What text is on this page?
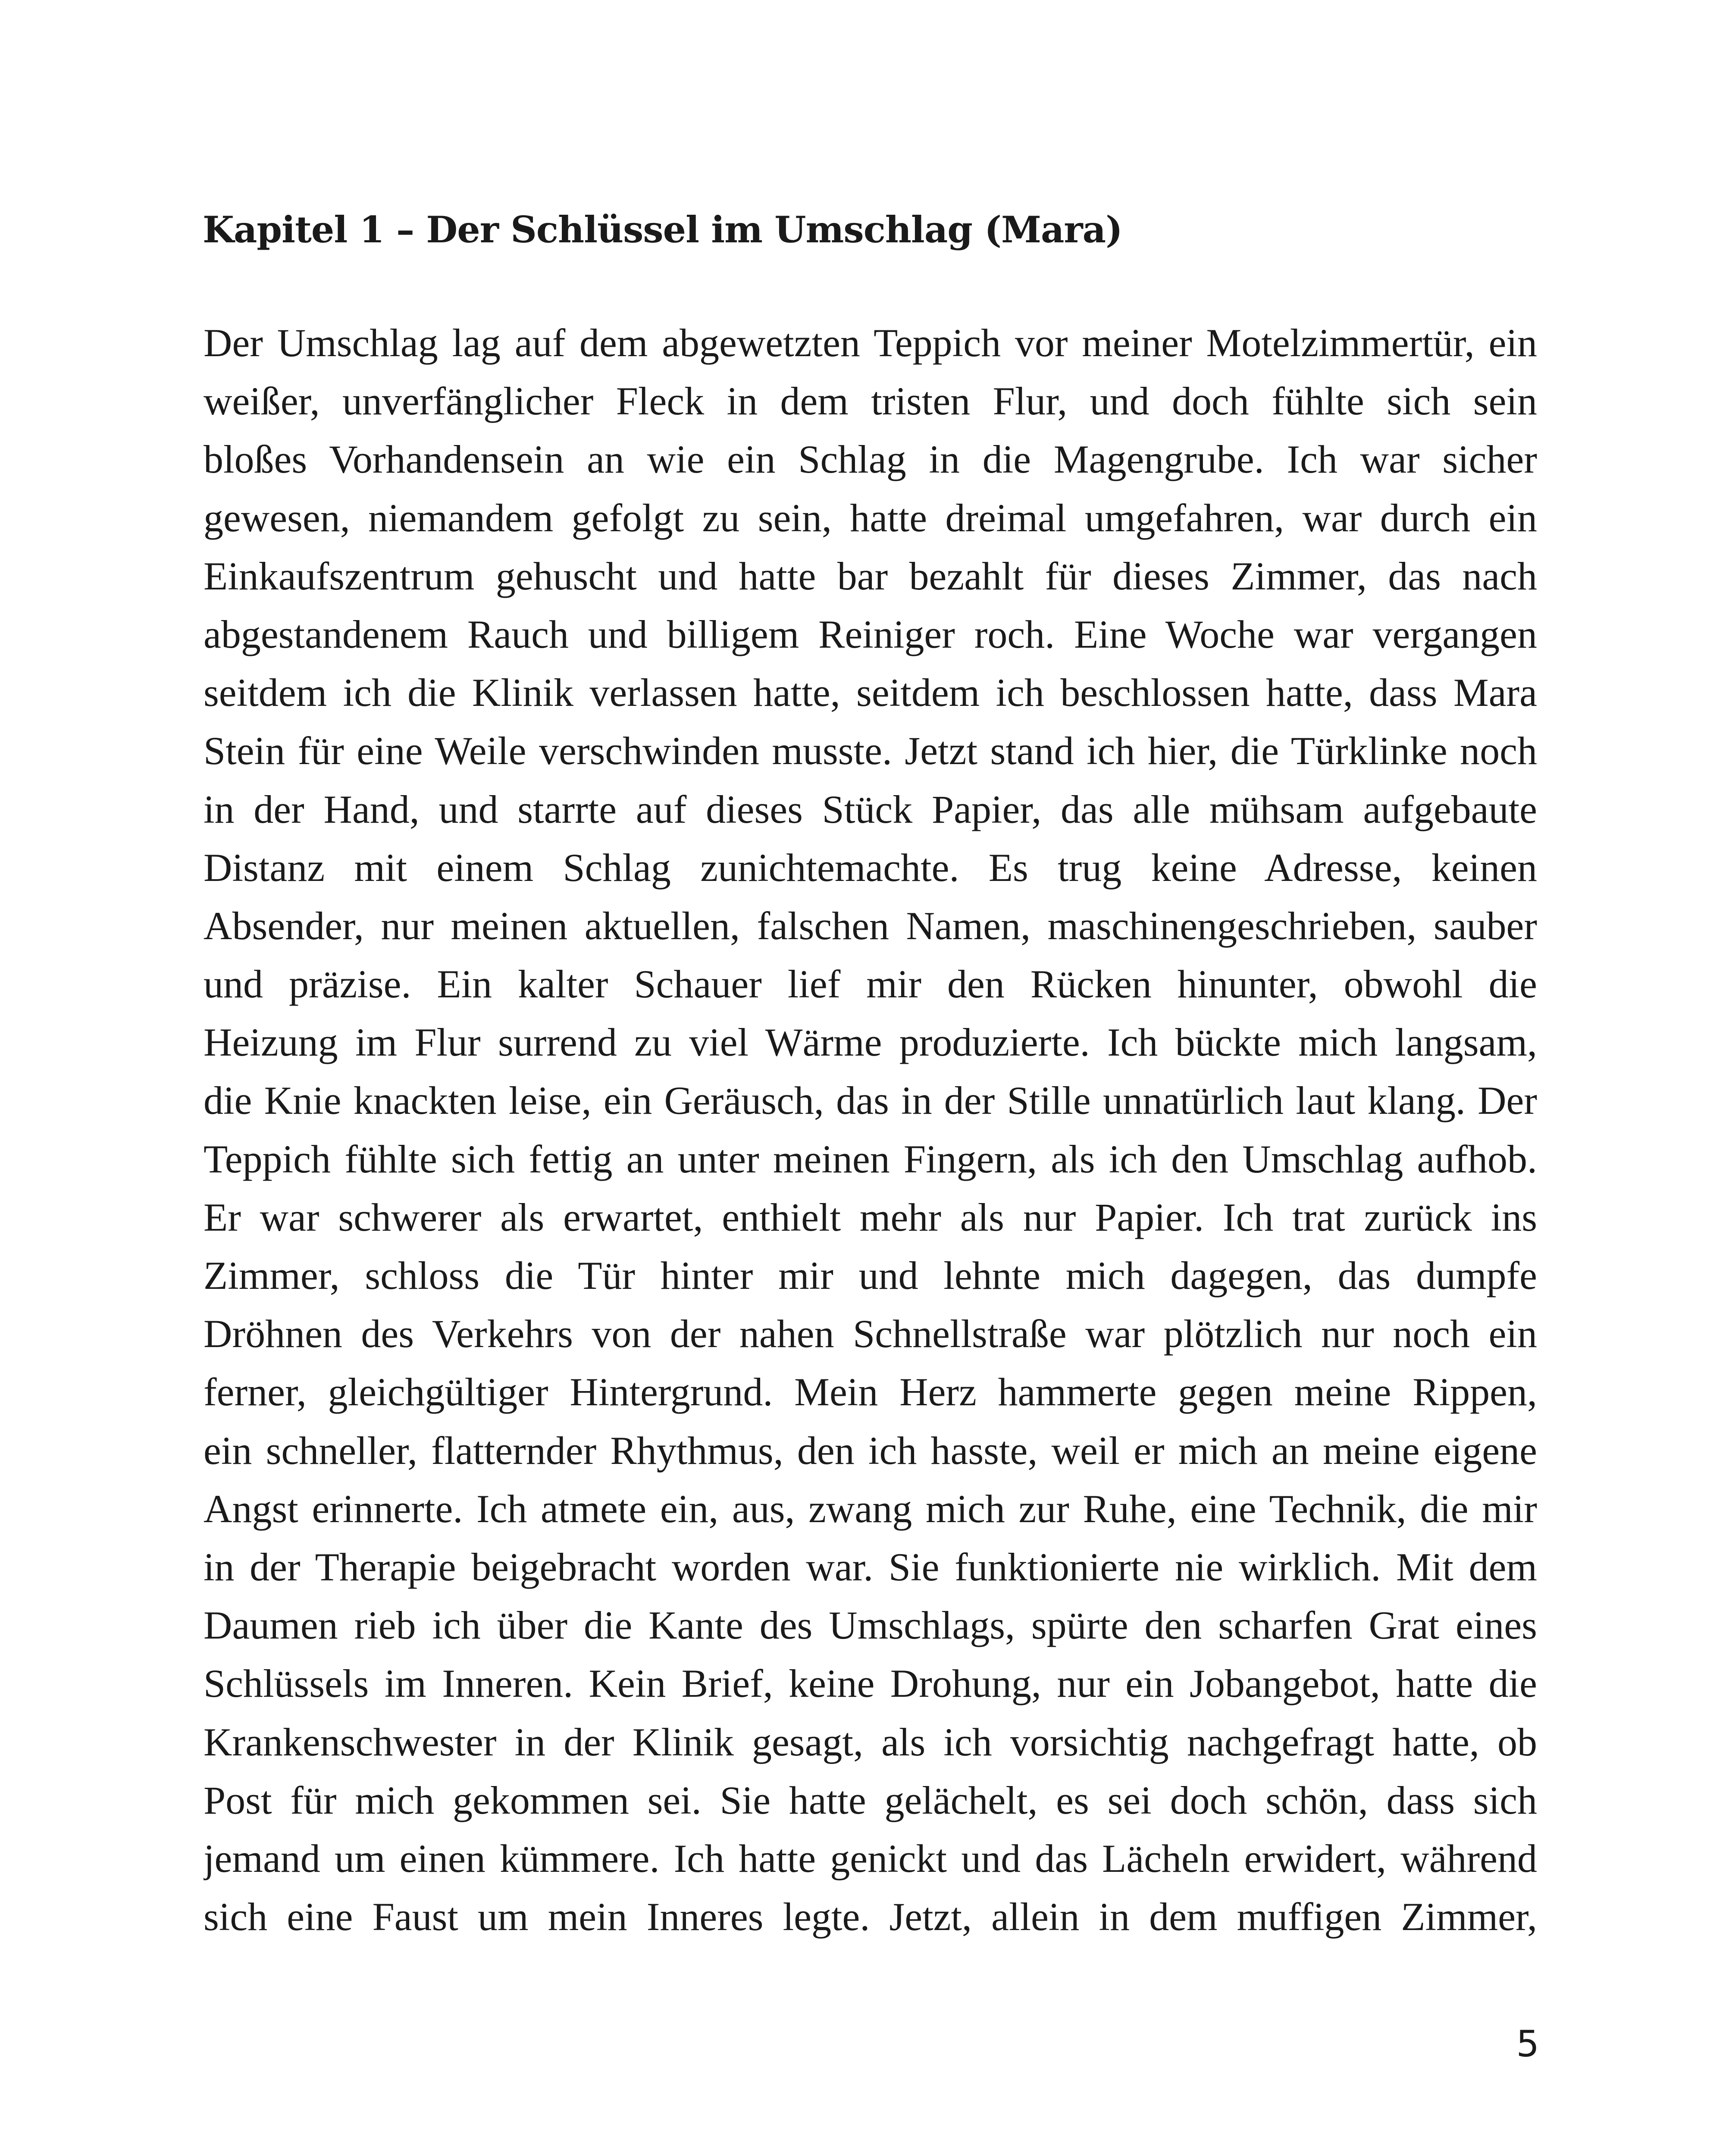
Kapitel 1 – Der Schlüssel im Umschlag (Mara)
Der Umschlag lag auf dem abgewetzten Teppich vor meiner Motelzimmertür, ein
weißer, unverfänglicher Fleck in dem tristen Flur, und doch fühlte sich sein
bloßes Vorhandensein an wie ein Schlag in die Magengrube. Ich war sicher
gewesen, niemandem gefolgt zu sein, hatte dreimal umgefahren, war durch ein
Einkaufszentrum gehuscht und hatte bar bezahlt für dieses Zimmer, das nach
abgestandenem Rauch und billigem Reiniger roch. Eine Woche war vergangen
seitdem ich die Klinik verlassen hatte, seitdem ich beschlossen hatte, dass Mara
Stein für eine Weile verschwinden musste. Jetzt stand ich hier, die Türklinke noch
in der Hand, und starrte auf dieses Stück Papier, das alle mühsam aufgebaute
Distanz mit einem Schlag zunichtemachte. Es trug keine Adresse, keinen
Absender, nur meinen aktuellen, falschen Namen, maschinengeschrieben, sauber
und präzise. Ein kalter Schauer lief mir den Rücken hinunter, obwohl die
Heizung im Flur surrend zu viel Wärme produzierte. Ich bückte mich langsam,
die Knie knackten leise, ein Geräusch, das in der Stille unnatürlich laut klang. Der
Teppich fühlte sich fettig an unter meinen Fingern, als ich den Umschlag aufhob.
Er war schwerer als erwartet, enthielt mehr als nur Papier. Ich trat zurück ins
Zimmer, schloss die Tür hinter mir und lehnte mich dagegen, das dumpfe
Dröhnen des Verkehrs von der nahen Schnellstraße war plötzlich nur noch ein
ferner, gleichgültiger Hintergrund. Mein Herz hammerte gegen meine Rippen,
ein schneller, flatternder Rhythmus, den ich hasste, weil er mich an meine eigene
Angst erinnerte. Ich atmete ein, aus, zwang mich zur Ruhe, eine Technik, die mir
in der Therapie beigebracht worden war. Sie funktionierte nie wirklich. Mit dem
Daumen rieb ich über die Kante des Umschlags, spürte den scharfen Grat eines
Schlüssels im Inneren. Kein Brief, keine Drohung, nur ein Jobangebot, hatte die
Krankenschwester in der Klinik gesagt, als ich vorsichtig nachgefragt hatte, ob
Post für mich gekommen sei. Sie hatte gelächelt, es sei doch schön, dass sich
jemand um einen kümmere. Ich hatte genickt und das Lächeln erwidert, während
sich eine Faust um mein Inneres legte. Jetzt, allein in dem muffigen Zimmer,
5
